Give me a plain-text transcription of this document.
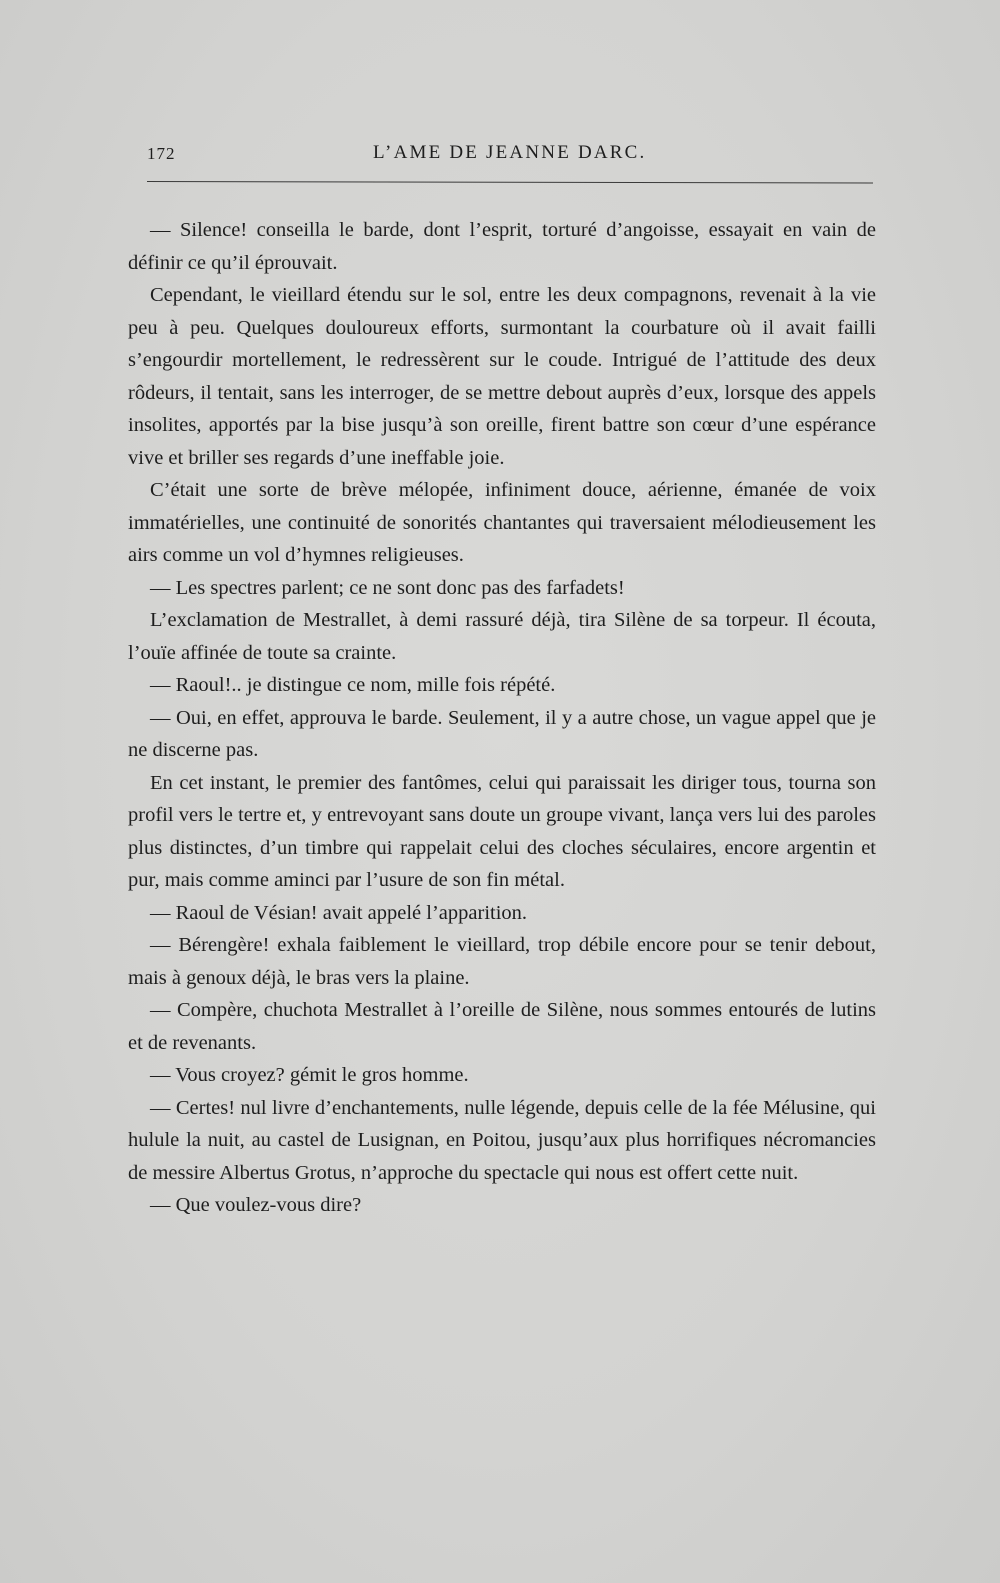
172	L’AME DE JEANNE DARC.

— Silence! conseilla le barde, dont l’esprit, torturé d’angoisse, essayait en vain de définir ce qu’il éprouvait.

Cependant, le vieillard étendu sur le sol, entre les deux compagnons, revenait à la vie peu à peu. Quelques douloureux efforts, surmontant la courbature où il avait failli s’engourdir mortellement, le redressèrent sur le coude. Intrigué de l’attitude des deux rôdeurs, il tentait, sans les interroger, de se mettre debout auprès d’eux, lorsque des appels insolites, apportés par la bise jusqu’à son oreille, firent battre son cœur d’une espérance vive et briller ses regards d’une ineffable joie.

C’était une sorte de brève mélopée, infiniment douce, aérienne, émanée de voix immatérielles, une continuité de sonorités chantantes qui traversaient mélodieusement les airs comme un vol d’hymnes religieuses.

— Les spectres parlent; ce ne sont donc pas des farfadets!

L’exclamation de Mestrallet, à demi rassuré déjà, tira Silène de sa torpeur. Il écouta, l’ouïe affinée de toute sa crainte.

— Raoul!.. je distingue ce nom, mille fois répété.

— Oui, en effet, approuva le barde. Seulement, il y a autre chose, un vague appel que je ne discerne pas.

En cet instant, le premier des fantômes, celui qui paraissait les diriger tous, tourna son profil vers le tertre et, y entrevoyant sans doute un groupe vivant, lança vers lui des paroles plus distinctes, d’un timbre qui rappelait celui des cloches séculaires, encore argentin et pur, mais comme aminci par l’usure de son fin métal.

— Raoul de Vésian! avait appelé l’apparition.

— Bérengère! exhala faiblement le vieillard, trop débile encore pour se tenir debout, mais à genoux déjà, le bras vers la plaine.

— Compère, chuchota Mestrallet à l’oreille de Silène, nous sommes entourés de lutins et de revenants.

— Vous croyez? gémit le gros homme.

— Certes! nul livre d’enchantements, nulle légende, depuis celle de la fée Mélusine, qui hulule la nuit, au castel de Lusignan, en Poitou, jusqu’aux plus horrifiques nécromancies de messire Albertus Grotus, n’approche du spectacle qui nous est offert cette nuit.

— Que voulez-vous dire?
